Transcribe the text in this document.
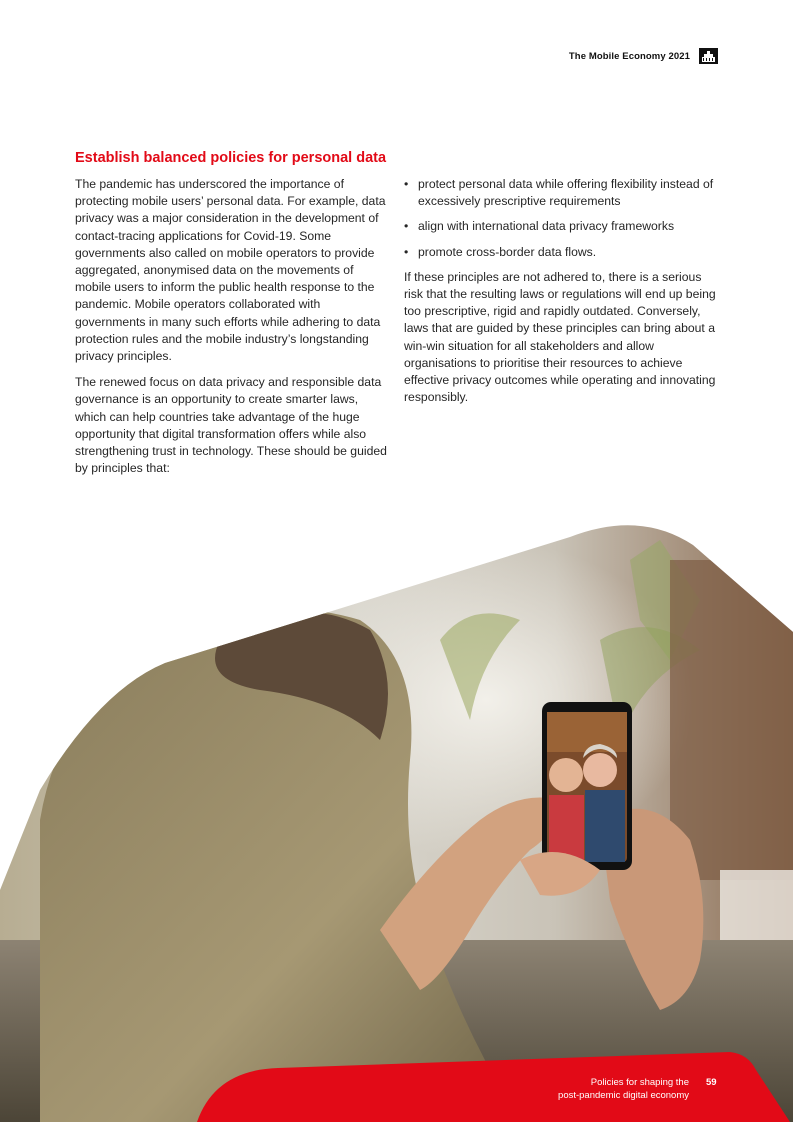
The Mobile Economy 2021
Establish balanced policies for personal data

The pandemic has underscored the importance of protecting mobile users’ personal data. For example, data privacy was a major consideration in the development of contact-tracing applications for Covid-19. Some governments also called on mobile operators to provide aggregated, anonymised data on the movements of mobile users to inform the public health response to the pandemic. Mobile operators collaborated with governments in many such efforts while adhering to data protection rules and the mobile industry’s longstanding privacy principles.

The renewed focus on data privacy and responsible data governance is an opportunity to create smarter laws, which can help countries take advantage of the huge opportunity that digital transformation offers while also strengthening trust in technology. These should be guided by principles that:

• protect personal data while offering flexibility instead of excessively prescriptive requirements
• align with international data privacy frameworks
• promote cross-border data flows.

If these principles are not adhered to, there is a serious risk that the resulting laws or regulations will end up being too prescriptive, rigid and rapidly outdated. Conversely, laws that are guided by these principles can bring about a win-win situation for all stakeholders and allow organisations to prioritise their resources to achieve effective privacy outcomes while operating and innovating responsibly.

Policies for shaping the
post-pandemic digital economy
59
